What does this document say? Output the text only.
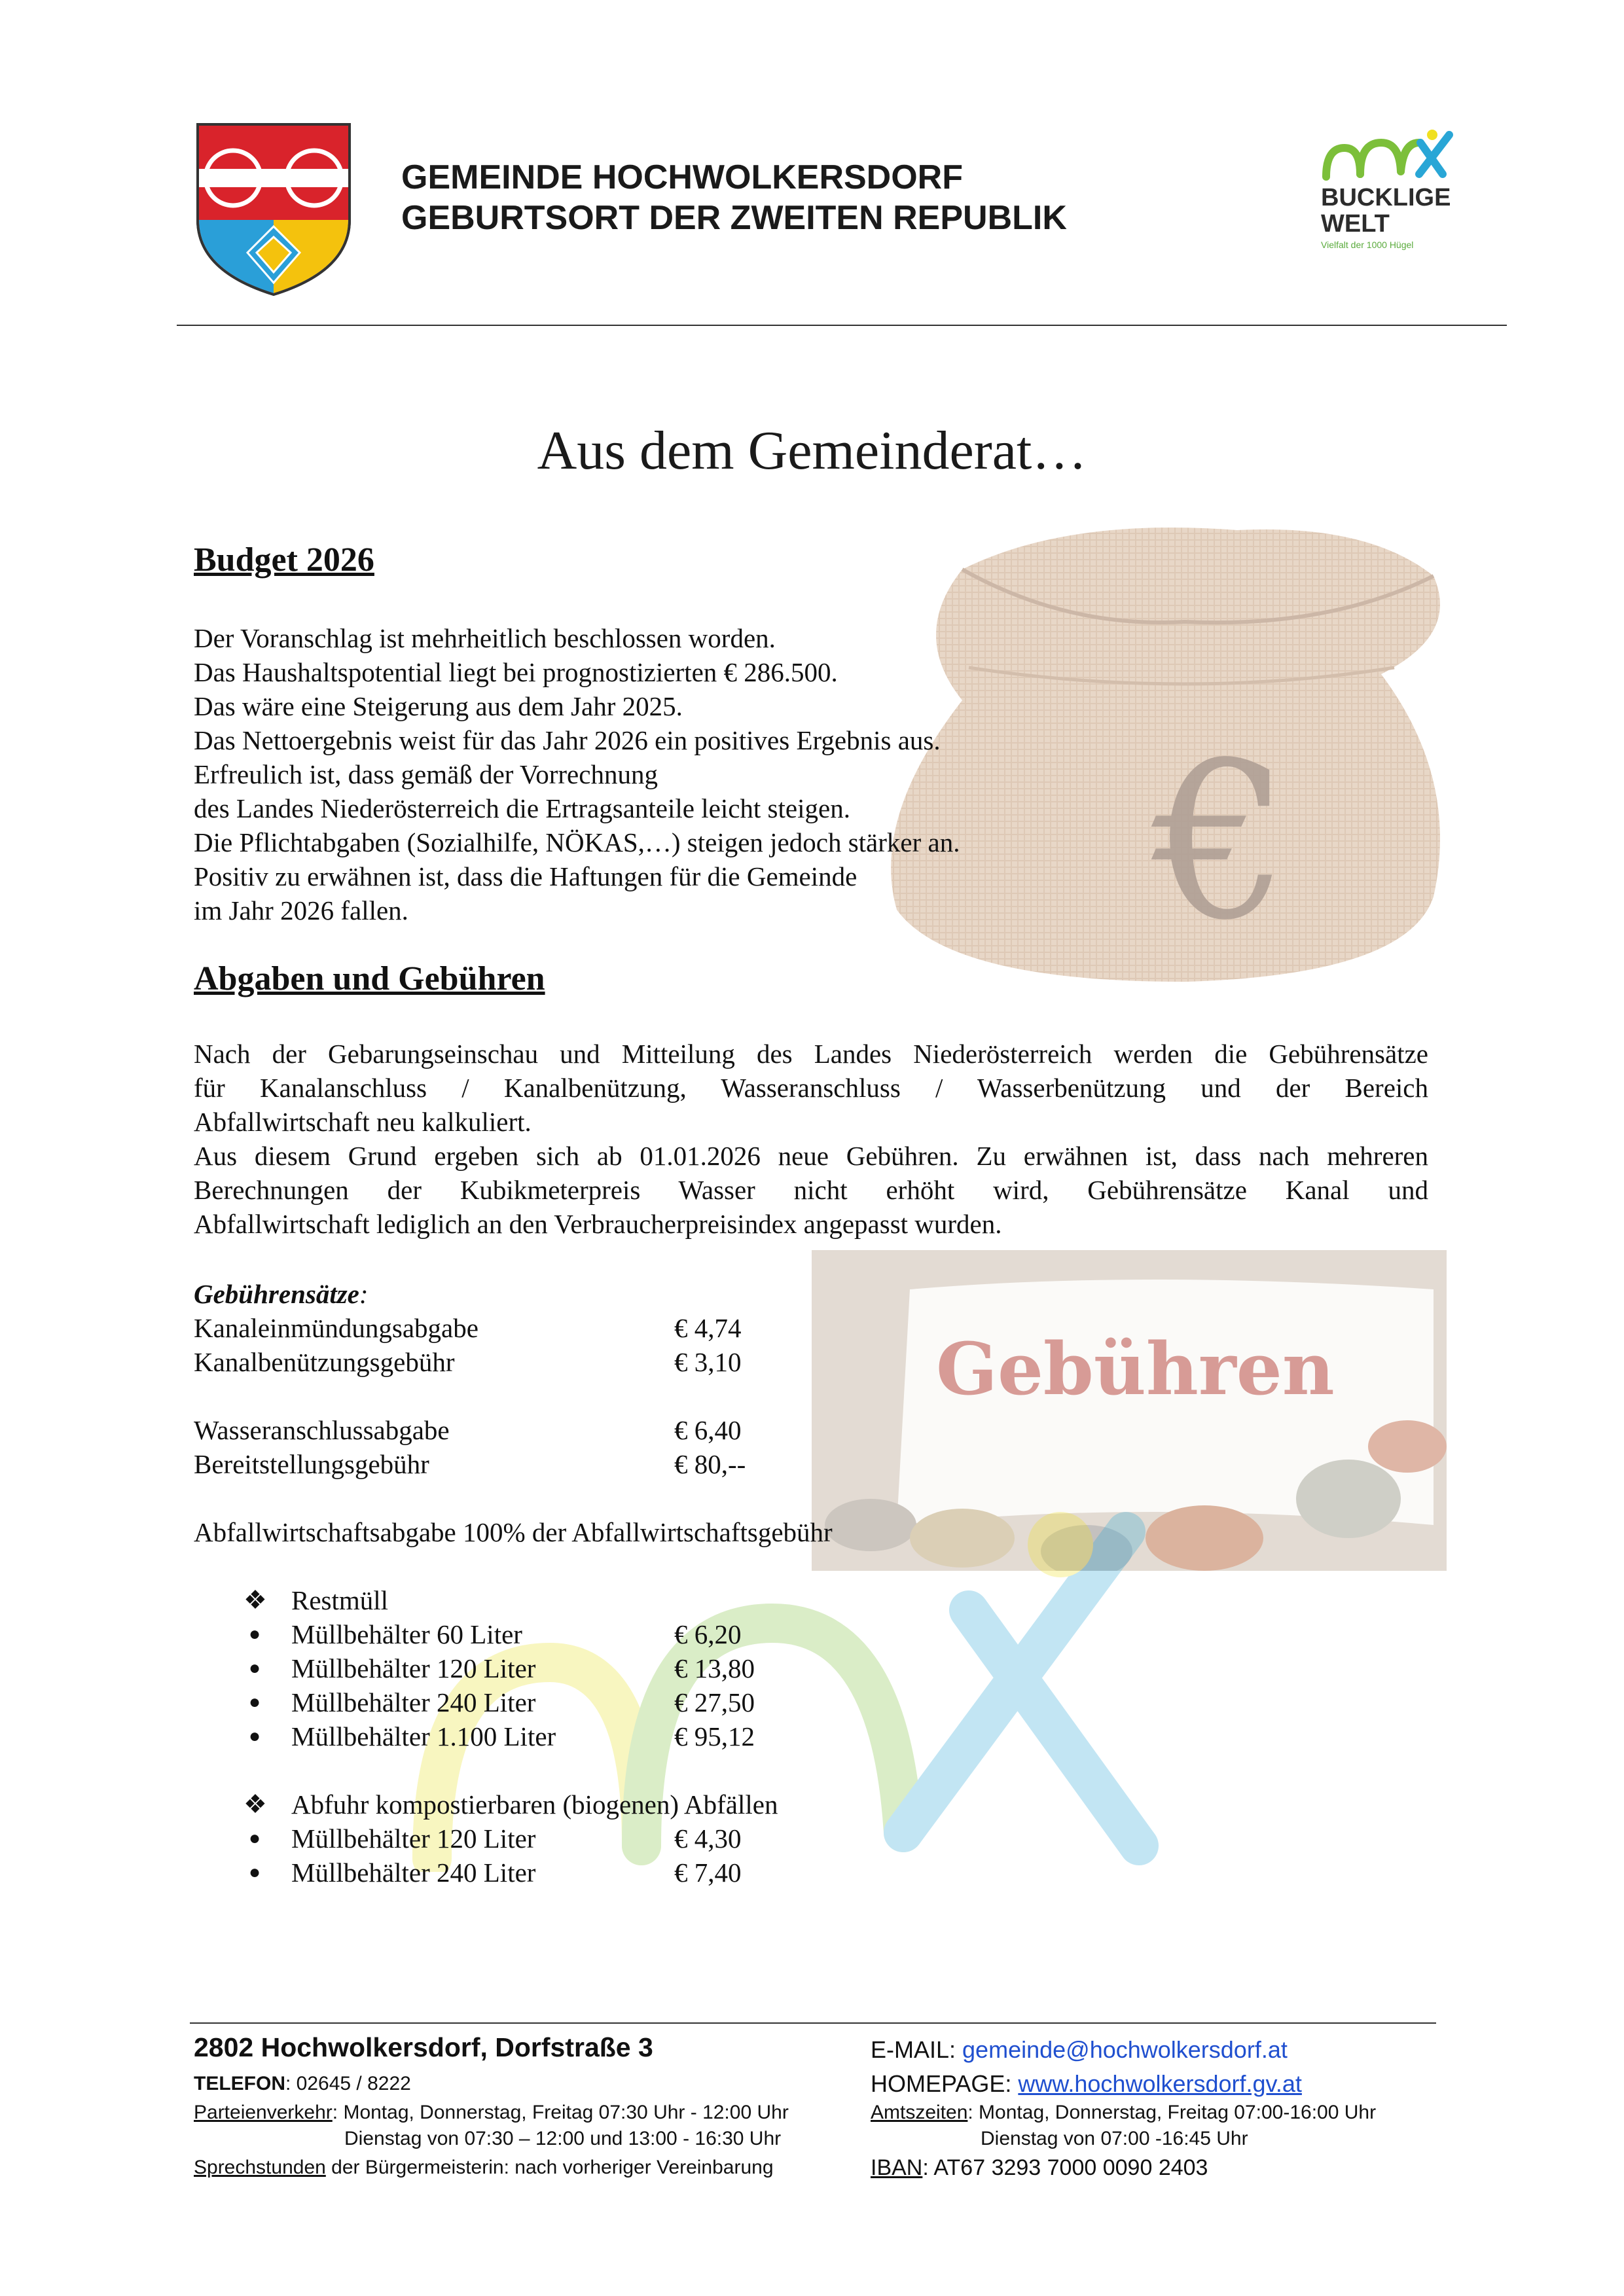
GEMEINDE HOCHWOLKERSDORF
GEBURTSORT DER ZWEITEN REPUBLIK
BUCKLIGE
WELT
Vielfalt der 1000 Hügel
€
Gebühren
Aus dem Gemeinderat…
Budget 2026
Der Voranschlag ist mehrheitlich beschlossen worden.
Das Haushaltspotential liegt bei prognostizierten € 286.500.
Das wäre eine Steigerung aus dem Jahr 2025.
Das Nettoergebnis weist für das Jahr 2026 ein positives Ergebnis aus.
Erfreulich ist, dass gemäß der Vorrechnung
des Landes Niederösterreich die Ertragsanteile leicht steigen.
Die Pflichtabgaben (Sozialhilfe, NÖKAS,…) steigen jedoch stärker an.
Positiv zu erwähnen ist, dass die Haftungen für die Gemeinde
im Jahr 2026 fallen.
Abgaben und Gebühren
Nach der Gebarungseinschau und Mitteilung des Landes Niederösterreich werden die Gebührensätze
für Kanalanschluss / Kanalbenützung, Wasseranschluss / Wasserbenützung und der Bereich
Abfallwirtschaft neu kalkuliert.
Aus diesem Grund ergeben sich ab 01.01.2026 neue Gebühren. Zu erwähnen ist, dass nach mehreren
Berechnungen der Kubikmeterpreis Wasser nicht erhöht wird, Gebührensätze Kanal und
Abfallwirtschaft lediglich an den Verbraucherpreisindex angepasst wurden.
Gebührensätze:
Kanaleinmündungsabgabe	€ 4,74
Kanalbenützungsgebühr	€ 3,10
Wasseranschlussabgabe	€ 6,40
Bereitstellungsgebühr	€ 80,--
Abfallwirtschaftsabgabe 100% der Abfallwirtschaftsgebühr
❖ Restmüll
● Müllbehälter 60 Liter	€ 6,20
● Müllbehälter 120 Liter	€ 13,80
● Müllbehälter 240 Liter	€ 27,50
● Müllbehälter 1.100 Liter	€ 95,12
❖ Abfuhr kompostierbaren (biogenen) Abfällen
● Müllbehälter 120 Liter	€ 4,30
● Müllbehälter 240 Liter	€ 7,40
2802 Hochwolkersdorf, Dorfstraße 3
TELEFON: 02645 / 8222
Parteienverkehr: Montag, Donnerstag, Freitag 07:30 Uhr - 12:00 Uhr
Dienstag von 07:30 – 12:00 und 13:00 - 16:30 Uhr
Sprechstunden der Bürgermeisterin: nach vorheriger Vereinbarung
E-MAIL: gemeinde@hochwolkersdorf.at
HOMEPAGE: www.hochwolkersdorf.gv.at
Amtszeiten: Montag, Donnerstag, Freitag 07:00-16:00 Uhr
Dienstag von 07:00 -16:45 Uhr
IBAN: AT67 3293 7000 0090 2403
